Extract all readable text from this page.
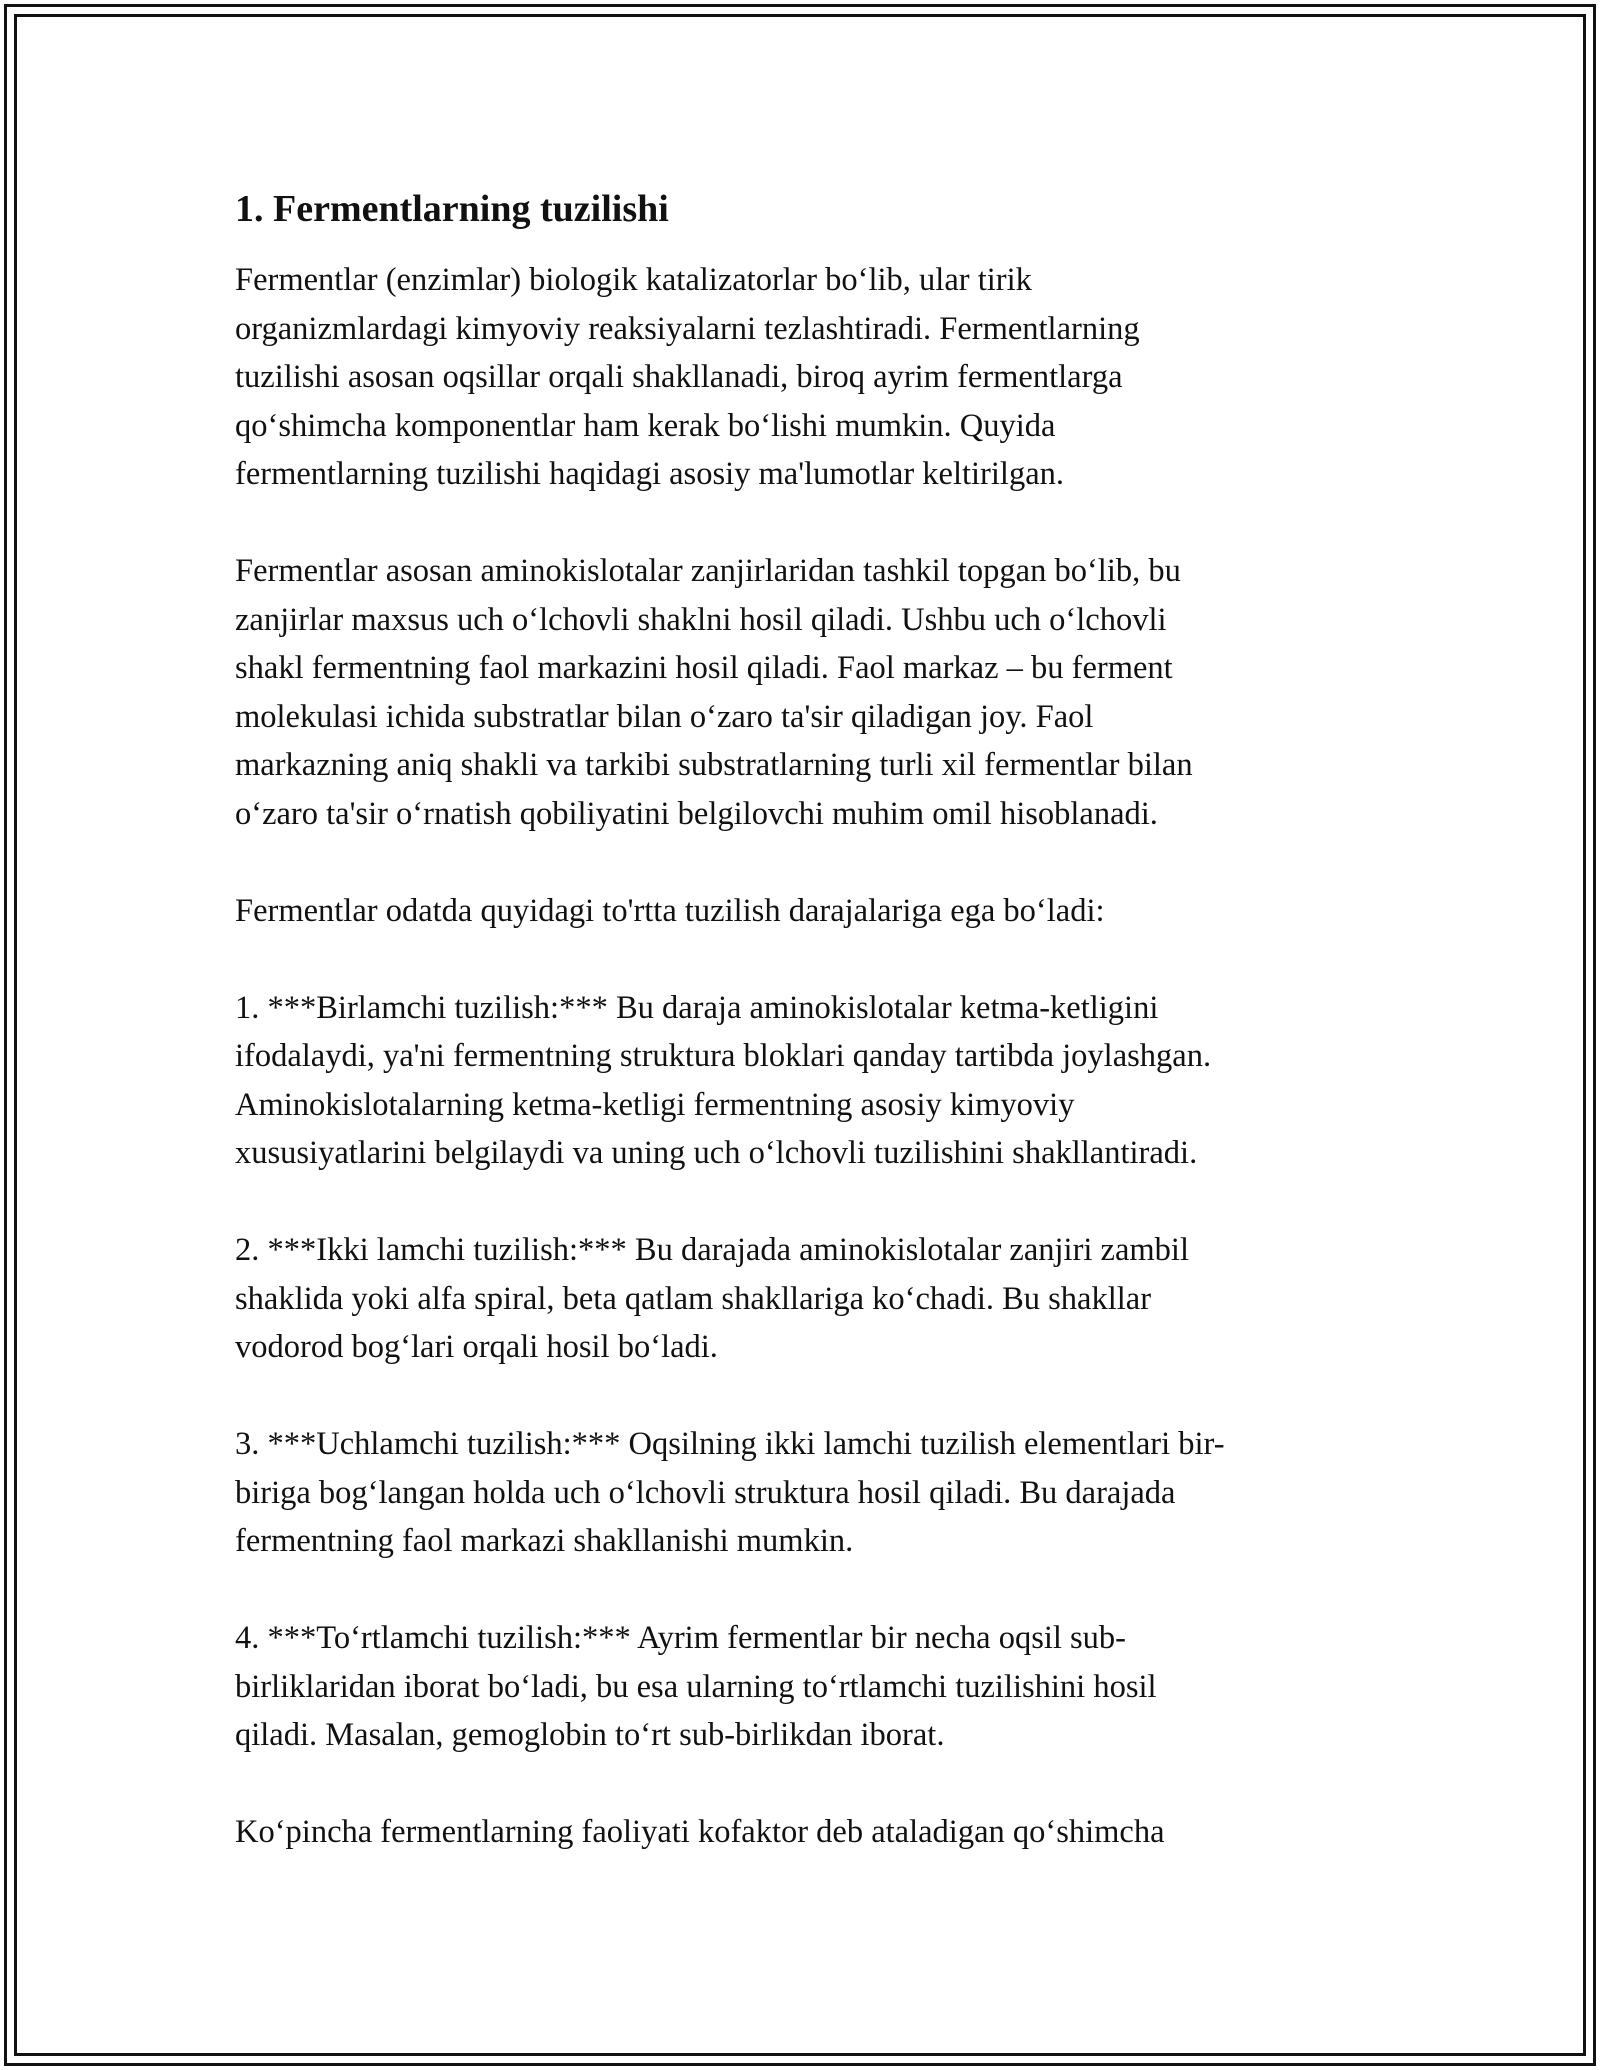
1. Fermentlarning tuzilishi

Fermentlar (enzimlar) biologik katalizatorlar bo‘lib, ular tirik
organizmlardagi kimyoviy reaksiyalarni tezlashtiradi. Fermentlarning
tuzilishi asosan oqsillar orqali shakllanadi, biroq ayrim fermentlarga
qo‘shimcha komponentlar ham kerak bo‘lishi mumkin. Quyida
fermentlarning tuzilishi haqidagi asosiy ma'lumotlar keltirilgan.

Fermentlar asosan aminokislotalar zanjirlaridan tashkil topgan bo‘lib, bu
zanjirlar maxsus uch o‘lchovli shaklni hosil qiladi. Ushbu uch o‘lchovli
shakl fermentning faol markazini hosil qiladi. Faol markaz – bu ferment
molekulasi ichida substratlar bilan o‘zaro ta'sir qiladigan joy. Faol
markazning aniq shakli va tarkibi substratlarning turli xil fermentlar bilan
o‘zaro ta'sir o‘rnatish qobiliyatini belgilovchi muhim omil hisoblanadi.

Fermentlar odatda quyidagi to'rtta tuzilish darajalariga ega bo‘ladi:

1. ***Birlamchi tuzilish:*** Bu daraja aminokislotalar ketma-ketligini
ifodalaydi, ya'ni fermentning struktura bloklari qanday tartibda joylashgan.
Aminokislotalarning ketma-ketligi fermentning asosiy kimyoviy
xususiyatlarini belgilaydi va uning uch o‘lchovli tuzilishini shakllantiradi.

2. ***Ikki lamchi tuzilish:*** Bu darajada aminokislotalar zanjiri zambil
shaklida yoki alfa spiral, beta qatlam shakllariga ko‘chadi. Bu shakllar
vodorod bog‘lari orqali hosil bo‘ladi.

3. ***Uchlamchi tuzilish:*** Oqsilning ikki lamchi tuzilish elementlari bir-
biriga bog‘langan holda uch o‘lchovli struktura hosil qiladi. Bu darajada
fermentning faol markazi shakllanishi mumkin.

4. ***To‘rtlamchi tuzilish:*** Ayrim fermentlar bir necha oqsil sub-
birliklaridan iborat bo‘ladi, bu esa ularning to‘rtlamchi tuzilishini hosil
qiladi. Masalan, gemoglobin to‘rt sub-birlikdan iborat.

Ko‘pincha fermentlarning faoliyati kofaktor deb ataladigan qo‘shimcha
